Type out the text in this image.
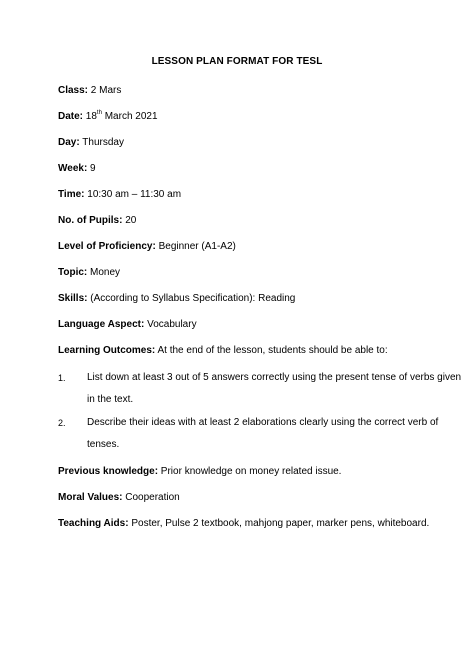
LESSON PLAN FORMAT FOR TESL
Class: 2 Mars
Date: 18th March 2021
Day: Thursday
Week: 9
Time: 10:30 am – 11:30 am
No. of Pupils: 20
Level of Proficiency: Beginner (A1-A2)
Topic: Money
Skills: (According to Syllabus Specification): Reading
Language Aspect: Vocabulary
Learning Outcomes: At the end of the lesson, students should be able to:
1. List down at least 3 out of 5 answers correctly using the present tense of verbs given
in the text.
2. Describe their ideas with at least 2 elaborations clearly using the correct verb of
tenses.
Previous knowledge: Prior knowledge on money related issue.
Moral Values: Cooperation
Teaching Aids: Poster, Pulse 2 textbook, mahjong paper, marker pens, whiteboard.
